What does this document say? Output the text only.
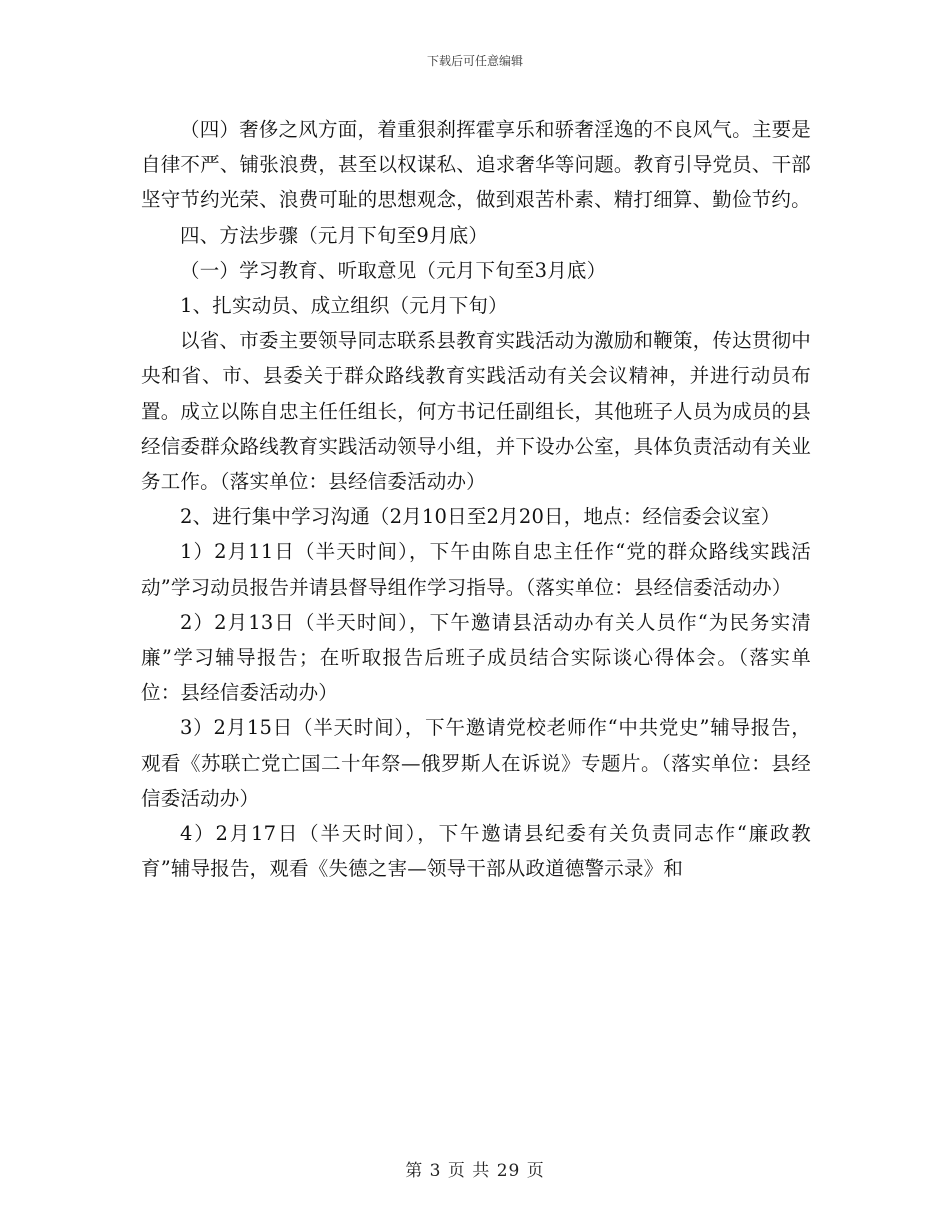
下载后可任意编辑

（四）奢侈之风方面，着重狠刹挥霍享乐和骄奢淫逸的不良风气。主要是自律不严、铺张浪费，甚至以权谋私、追求奢华等问题。教育引导党员、干部坚守节约光荣、浪费可耻的思想观念，做到艰苦朴素、精打细算、勤俭节约。

四、方法步骤（元月下旬至9月底）

（一）学习教育、听取意见（元月下旬至3月底）

1、扎实动员、成立组织（元月下旬）

以省、市委主要领导同志联系县教育实践活动为激励和鞭策，传达贯彻中央和省、市、县委关于群众路线教育实践活动有关会议精神，并进行动员布置。成立以陈自忠主任任组长，何方书记任副组长，其他班子人员为成员的县经信委群众路线教育实践活动领导小组，并下设办公室，具体负责活动有关业务工作。（落实单位：县经信委活动办）

2、进行集中学习沟通（2月10日至2月20日，地点：经信委会议室）

1）2月11日（半天时间），下午由陈自忠主任作“党的群众路线实践活动”学习动员报告并请县督导组作学习指导。（落实单位：县经信委活动办）

2）2月13日（半天时间），下午邀请县活动办有关人员作“为民务实清廉”学习辅导报告；在听取报告后班子成员结合实际谈心得体会。（落实单位：县经信委活动办）

3）2月15日（半天时间），下午邀请党校老师作“中共党史”辅导报告，观看《苏联亡党亡国二十年祭—俄罗斯人在诉说》专题片。（落实单位：县经信委活动办）

4）2月17日（半天时间），下午邀请县纪委有关负责同志作“廉政教育”辅导报告，观看《失德之害—领导干部从政道德警示录》和

第 3 页 共 29 页
